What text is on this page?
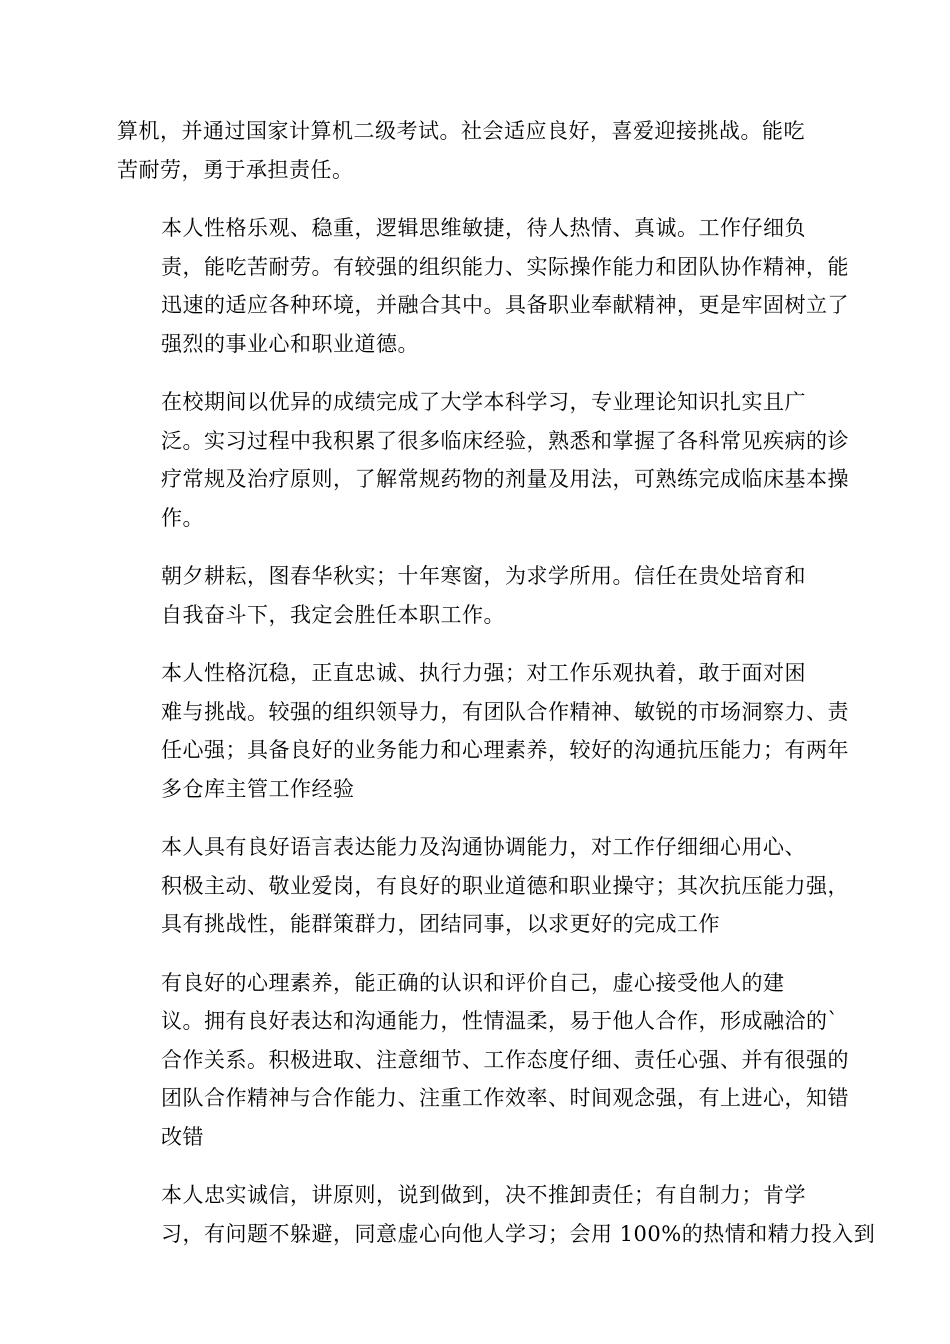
算机，并通过国家计算机二级考试。社会适应良好，喜爱迎接挑战。能吃
苦耐劳，勇于承担责任。

本人性格乐观、稳重，逻辑思维敏捷，待人热情、真诚。工作仔细负
责，能吃苦耐劳。有较强的组织能力、实际操作能力和团队协作精神，能
迅速的适应各种环境，并融合其中。具备职业奉献精神，更是牢固树立了
强烈的事业心和职业道德。

在校期间以优异的成绩完成了大学本科学习，专业理论知识扎实且广
泛。实习过程中我积累了很多临床经验，熟悉和掌握了各科常见疾病的诊
疗常规及治疗原则，了解常规药物的剂量及用法，可熟练完成临床基本操
作。

朝夕耕耘，图春华秋实；十年寒窗，为求学所用。信任在贵处培育和
自我奋斗下，我定会胜任本职工作。

本人性格沉稳，正直忠诚、执行力强；对工作乐观执着，敢于面对困
难与挑战。较强的组织领导力，有团队合作精神、敏锐的市场洞察力、责
任心强；具备良好的业务能力和心理素养，较好的沟通抗压能力；有两年
多仓库主管工作经验

本人具有良好语言表达能力及沟通协调能力，对工作仔细细心用心、
积极主动、敬业爱岗，有良好的职业道德和职业操守；其次抗压能力强，
具有挑战性，能群策群力，团结同事，以求更好的完成工作

有良好的心理素养，能正确的认识和评价自己，虚心接受他人的建
议。拥有良好表达和沟通能力，性情温柔，易于他人合作，形成融洽的`
合作关系。积极进取、注意细节、工作态度仔细、责任心强、并有很强的
团队合作精神与合作能力、注重工作效率、时间观念强，有上进心，知错
改错

本人忠实诚信，讲原则，说到做到，决不推卸责任；有自制力；肯学
习，有问题不躲避，同意虚心向他人学习；会用 100%的热情和精力投入到
